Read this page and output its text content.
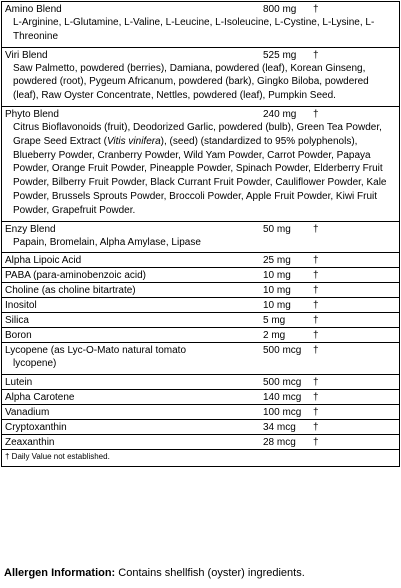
Amino Blend	800 mg	†
L-Arginine, L-Glutamine, L-Valine, L-Leucine, L-Isoleucine, L-Cystine, L-Lysine, L-Threonine
Viri Blend	525 mg	†
Saw Palmetto, powdered (berries), Damiana, powdered (leaf), Korean Ginseng, powdered (root), Pygeum Africanum, powdered (bark), Gingko Biloba, powdered (leaf), Raw Oyster Concentrate, Nettles, powdered (leaf), Pumpkin Seed.
Phyto Blend	240 mg	†
Citrus Bioflavonoids (fruit), Deodorized Garlic, powdered (bulb), Green Tea Powder, Grape Seed Extract (Vitis vinifera), (seed) (standardized to 95% polyphenols), Blueberry Powder, Cranberry Powder, Wild Yam Powder, Carrot Powder, Papaya Powder, Orange Fruit Powder, Pineapple Powder, Spinach Powder, Elderberry Fruit Powder, Bilberry Fruit Powder, Black Currant Fruit Powder, Cauliflower Powder, Kale Powder, Brussels Sprouts Powder, Broccoli Powder, Apple Fruit Powder, Kiwi Fruit Powder, Grapefruit Powder.
Enzy Blend	50 mg	†
Papain, Bromelain, Alpha Amylase, Lipase
Alpha Lipoic Acid	25 mg	†
PABA (para-aminobenzoic acid)	10 mg	†
Choline (as choline bitartrate)	10 mg	†
Inositol	10 mg	†
Silica	5 mg	†
Boron	2 mg	†
Lycopene (as Lyc-O-Mato natural tomato	500 mcg	†
lycopene)
Lutein	500 mcg	†
Alpha Carotene	140 mcg	†
Vanadium	100 mcg	†
Cryptoxanthin	34 mcg	†
Zeaxanthin	28 mcg	†
† Daily Value not established.
Allergen Information: Contains shellfish (oyster) ingredients.
